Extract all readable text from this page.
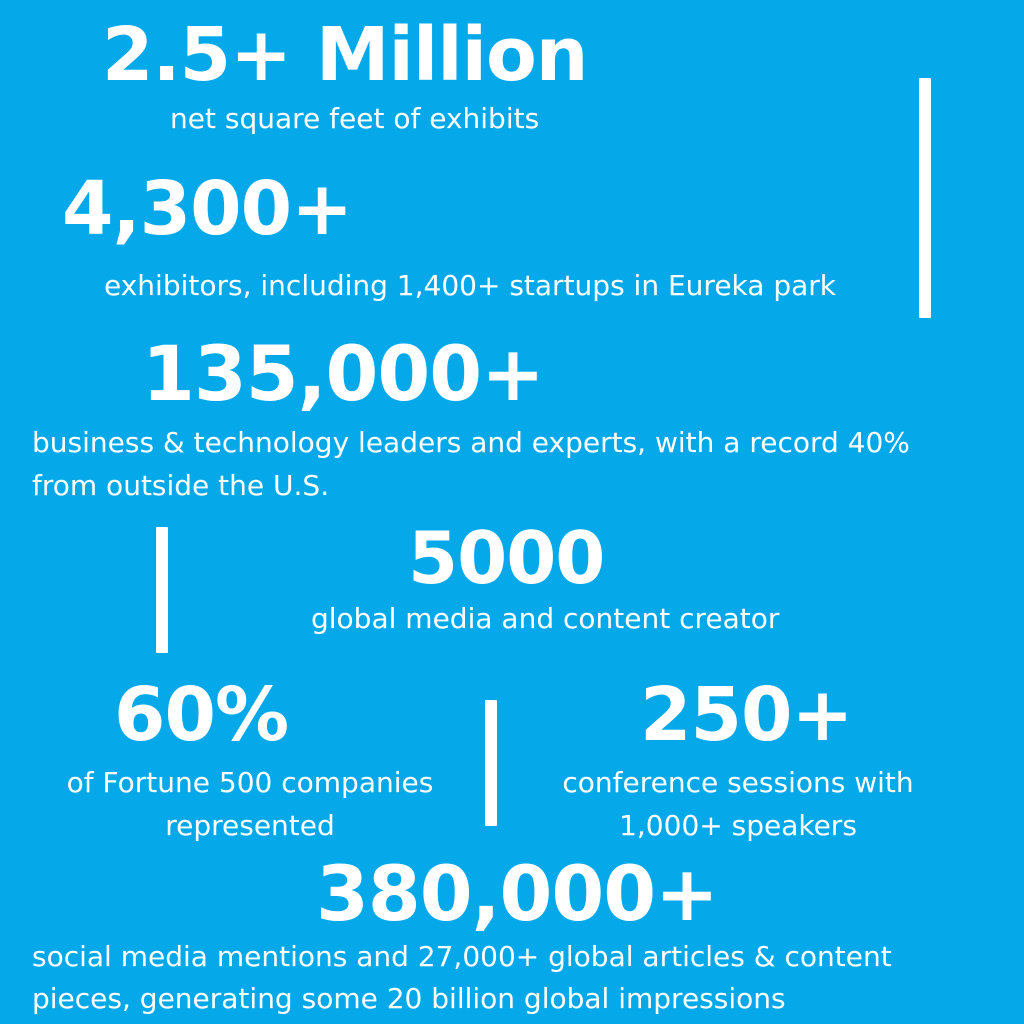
2.5+ Million
net square feet of exhibits
4,300+
exhibitors, including 1,400+ startups in Eureka park
135,000+
business & technology leaders and experts, with a record 40%
from outside the U.S.
5000
global media and content creator
60%
of Fortune 500 companies
represented
250+
conference sessions with
1,000+ speakers
380,000+
social media mentions and 27,000+ global articles & content
pieces, generating some 20 billion global impressions
